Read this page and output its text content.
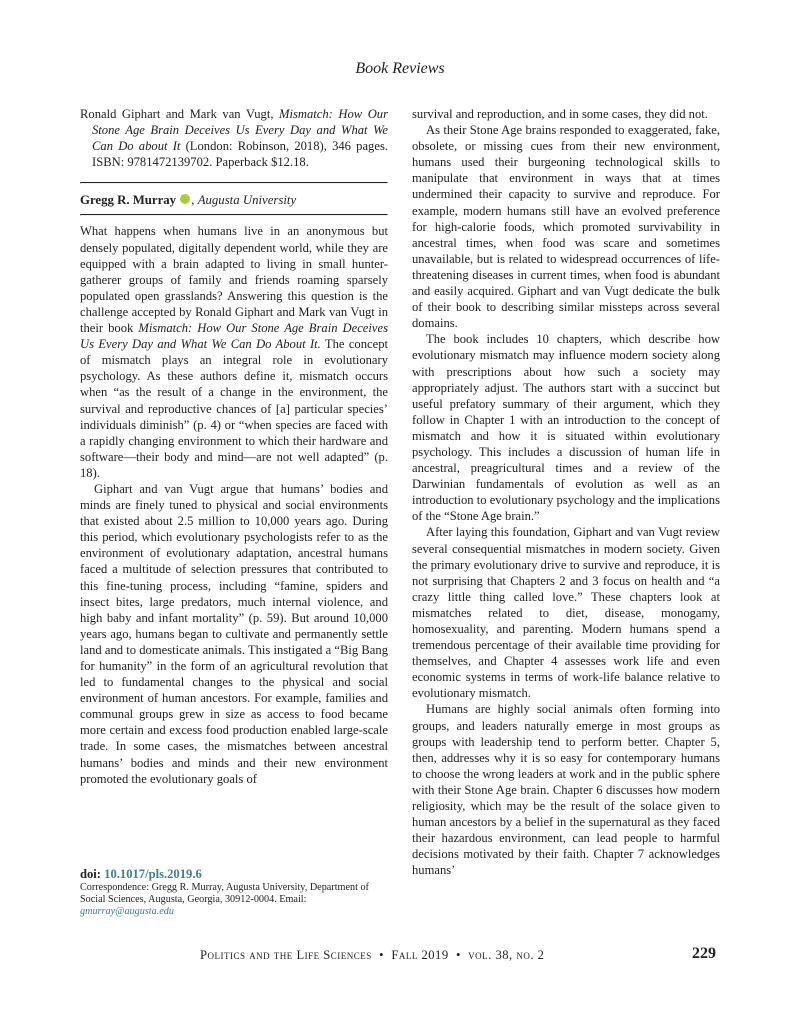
Book Reviews

Ronald Giphart and Mark van Vugt, Mismatch: How Our Stone Age Brain Deceives Us Every Day and What We Can Do about It (London: Robinson, 2018), 346 pages. ISBN: 9781472139702. Paperback $12.18.

Gregg R. Murray , Augusta University

What happens when humans live in an anonymous but densely populated, digitally dependent world, while they are equipped with a brain adapted to living in small hunter-gatherer groups of family and friends roaming sparsely populated open grasslands? Answering this question is the challenge accepted by Ronald Giphart and Mark van Vugt in their book Mismatch: How Our Stone Age Brain Deceives Us Every Day and What We Can Do About It. The concept of mismatch plays an integral role in evolutionary psychology. As these authors define it, mismatch occurs when “as the result of a change in the environment, the survival and reproductive chances of [a] particular species’ individuals diminish” (p. 4) or “when species are faced with a rapidly changing environment to which their hardware and software—their body and mind—are not well adapted” (p. 18).

Giphart and van Vugt argue that humans’ bodies and minds are finely tuned to physical and social environments that existed about 2.5 million to 10,000 years ago. During this period, which evolutionary psychologists refer to as the environment of evolutionary adaptation, ancestral humans faced a multitude of selection pressures that contributed to this fine-tuning process, including “famine, spiders and insect bites, large predators, much internal violence, and high baby and infant mortality” (p. 59). But around 10,000 years ago, humans began to cultivate and permanently settle land and to domesticate animals. This instigated a “Big Bang for humanity” in the form of an agricultural revolution that led to fundamental changes to the physical and social environment of human ancestors. For example, families and communal groups grew in size as access to food became more certain and excess food production enabled large-scale trade. In some cases, the mismatches between ancestral humans’ bodies and minds and their new environment promoted the evolutionary goals of

survival and reproduction, and in some cases, they did not.

As their Stone Age brains responded to exaggerated, fake, obsolete, or missing cues from their new environment, humans used their burgeoning technological skills to manipulate that environment in ways that at times undermined their capacity to survive and reproduce. For example, modern humans still have an evolved preference for high-calorie foods, which promoted survivability in ancestral times, when food was scare and sometimes unavailable, but is related to widespread occurrences of life-threatening diseases in current times, when food is abundant and easily acquired. Giphart and van Vugt dedicate the bulk of their book to describing similar missteps across several domains.

The book includes 10 chapters, which describe how evolutionary mismatch may influence modern society along with prescriptions about how such a society may appropriately adjust. The authors start with a succinct but useful prefatory summary of their argument, which they follow in Chapter 1 with an introduction to the concept of mismatch and how it is situated within evolutionary psychology. This includes a discussion of human life in ancestral, preagricultural times and a review of the Darwinian fundamentals of evolution as well as an introduction to evolutionary psychology and the implications of the “Stone Age brain.”

After laying this foundation, Giphart and van Vugt review several consequential mismatches in modern society. Given the primary evolutionary drive to survive and reproduce, it is not surprising that Chapters 2 and 3 focus on health and “a crazy little thing called love.” These chapters look at mismatches related to diet, disease, monogamy, homosexuality, and parenting. Modern humans spend a tremendous percentage of their available time providing for themselves, and Chapter 4 assesses work life and even economic systems in terms of work-life balance relative to evolutionary mismatch.

Humans are highly social animals often forming into groups, and leaders naturally emerge in most groups as groups with leadership tend to perform better. Chapter 5, then, addresses why it is so easy for contemporary humans to choose the wrong leaders at work and in the public sphere with their Stone Age brain. Chapter 6 discusses how modern religiosity, which may be the result of the solace given to human ancestors by a belief in the supernatural as they faced their hazardous environment, can lead people to harmful decisions motivated by their faith. Chapter 7 acknowledges humans’

doi: 10.1017/pls.2019.6
Correspondence: Gregg R. Murray, Augusta University, Department of Social Sciences, Augusta, Georgia, 30912-0004. Email: gmurray@augusta.edu
Politics and the Life Sciences  •  Fall 2019  •  vol. 38, no. 2	229
